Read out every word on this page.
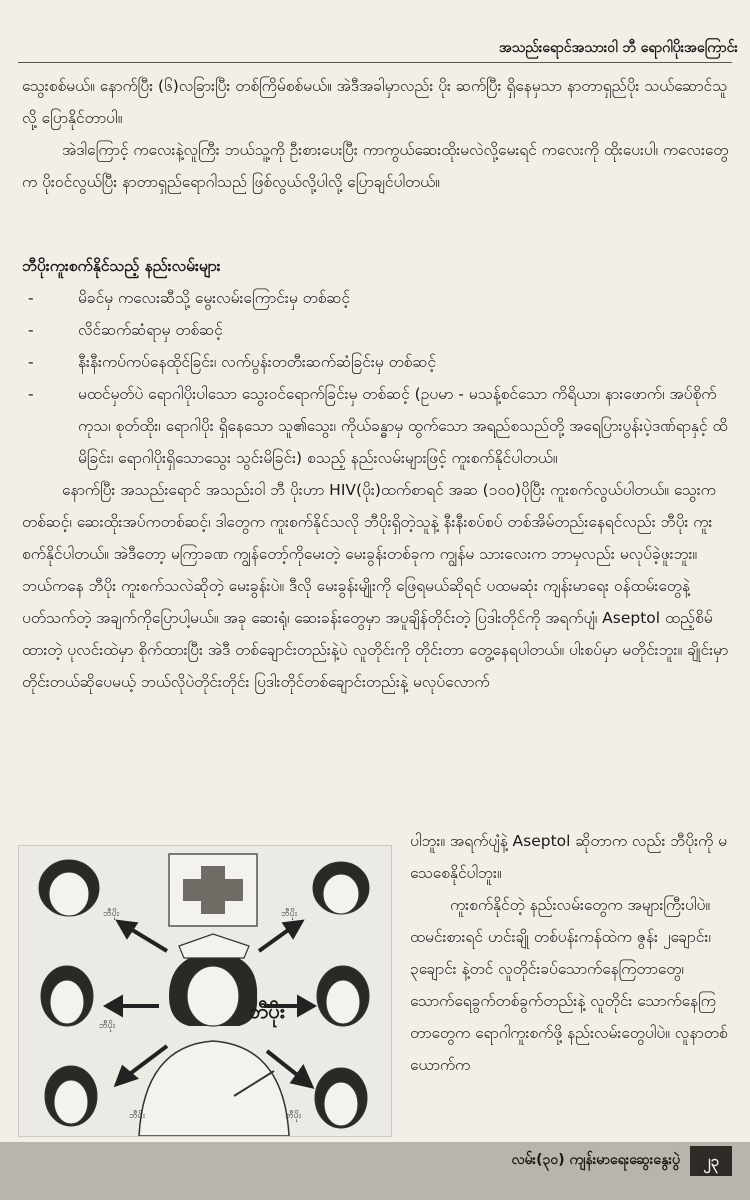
အသည်းရောင်အသားဝါ ဘီ ရောဂါပိုးအကြောင်း

သွေးစစ်မယ်။ နောက်ပြီး (၆)လခြားပြီး တစ်ကြိမ်စစ်မယ်။ အဲဒီအခါမှာလည်း ပိုး ဆက်ပြီး ရှိနေမှသာ နာတာရှည်ပိုး သယ်ဆောင်သူလို့ ပြောနိုင်တာပါ။

အဲဒါကြောင့် ကလေးနဲ့လူကြီး ဘယ်သူ့ကို ဦးစားပေးပြီး ကာကွယ်ဆေးထိုးမလဲလို့မေးရင် ကလေးကို ထိုးပေးပါ၊ ကလေးတွေက ပိုးဝင်လွယ်ပြီး နာတာရှည်ရောဂါသည် ဖြစ်လွယ်လို့ပါလို့ ပြောချင်ပါတယ်။

ဘီပိုးကူးစက်နိုင်သည့် နည်းလမ်းများ

- မိခင်မှ ကလေးဆီသို့ မွေးလမ်းကြောင်းမှ တစ်ဆင့်
- လိင်ဆက်ဆံရာမှ တစ်ဆင့်
- နီးနီးကပ်ကပ်နေထိုင်ခြင်း၊ လက်ပွန်းတတီးဆက်ဆံခြင်းမှ တစ်ဆင့်
- မထင်မှတ်ပဲ ရောဂါပိုးပါသော သွေးဝင်ရောက်ခြင်းမှ တစ်ဆင့် (ဥပမာ - မသန့်စင်သော ကိရိယာ၊ နားဖောက်၊ အပ်စိုက်ကုသ၊ စုတ်ထိုး၊ ရောဂါပိုး ရှိနေသော သူ၏သွေး၊ ကိုယ်ခန္ဓာမှ ထွက်သော အရည်စသည်တို့ အရေပြားပွန်းပဲ့ဒဏ်ရာနှင့် ထိမိခြင်း၊ ရောဂါပိုးရှိသောသွေး သွင်းမိခြင်း) စသည့် နည်းလမ်းများဖြင့် ကူးစက်နိုင်ပါတယ်။

နောက်ပြီး အသည်းရောင် အသည်းဝါ ဘီ ပိုးဟာ HIV(ပိုး)ထက်စာရင် အဆ (၁၀၀)ပိုပြီး ကူးစက်လွယ်ပါတယ်။ သွေးကတစ်ဆင့်၊ ဆေးထိုးအပ်ကတစ်ဆင့်၊ ဒါတွေက ကူးစက်နိုင်သလို ဘီပိုးရှိတဲ့သူနဲ့ နီးနီးစပ်စပ် တစ်အိမ်တည်းနေရင်လည်း ဘီပိုး ကူးစက်နိုင်ပါတယ်။ အဲဒီတော့ မကြာခဏ ကျွန်တော့်ကိုမေးတဲ့ မေးခွန်းတစ်ခုက ကျွန်မ သားလေးက ဘာမှလည်း မလုပ်ခဲ့ဖူးဘူး။ ဘယ်ကနေ ဘီပိုး ကူးစက်သလဲဆိုတဲ့ မေးခွန်းပဲ။ ဒီလို မေးခွန်းမျိုးကို ဖြေရမယ်ဆိုရင် ပထမဆုံး ကျန်းမာရေး ဝန်ထမ်းတွေနဲ့ ပတ်သက်တဲ့ အချက်ကိုပြောပါ့မယ်။ အခု ဆေးရုံ၊ ဆေးခန်းတွေမှာ အပူချိန်တိုင်းတဲ့ ပြဒါးတိုင်ကို အရက်ပျံ၊ Aseptol ထည့်စိမ်ထားတဲ့ ပုလင်းထဲမှာ စိုက်ထားပြီး အဲဒီ တစ်ချောင်းတည်းနဲ့ပဲ လူတိုင်းကို တိုင်းတာ တွေ့နေရပါတယ်။ ပါးစပ်မှာ မတိုင်းဘူး။ ချိုင်းမှာ တိုင်းတယ်ဆိုပေမယ့် ဘယ်လိုပဲတိုင်းတိုင်း ပြဒါးတိုင်တစ်ချောင်းတည်းနဲ့ မလုပ်လောက်

ဘီပိုး
ဘီပိုး	ဘီပိုး
ဘီပိုး
ဘီပိုး	ဘီပိုး

ပါဘူး။ အရက်ပျံနဲ့ Aseptol ဆိုတာက လည်း ဘီပိုးကို မသေစေနိုင်ပါဘူး။

ကူးစက်နိုင်တဲ့ နည်းလမ်းတွေက အများကြီးပါပဲ။ ထမင်းစားရင် ဟင်းချို တစ်ပန်းကန်ထဲက ဇွန်း ၂ချောင်း၊ ၃ချောင်း နဲ့တင် လူတိုင်းခပ်သောက်နေကြတာတွေ၊ သောက်ရေခွက်တစ်ခွက်တည်းနဲ့ လူတိုင်း သောက်နေကြတာတွေက ရောဂါကူးစက်ဖို့ နည်းလမ်းတွေပါပဲ။ လူနာတစ်ယောက်က

လမ်း(၃၀) ကျန်းမာရေးဆွေးနွေးပွဲ	၂၃
